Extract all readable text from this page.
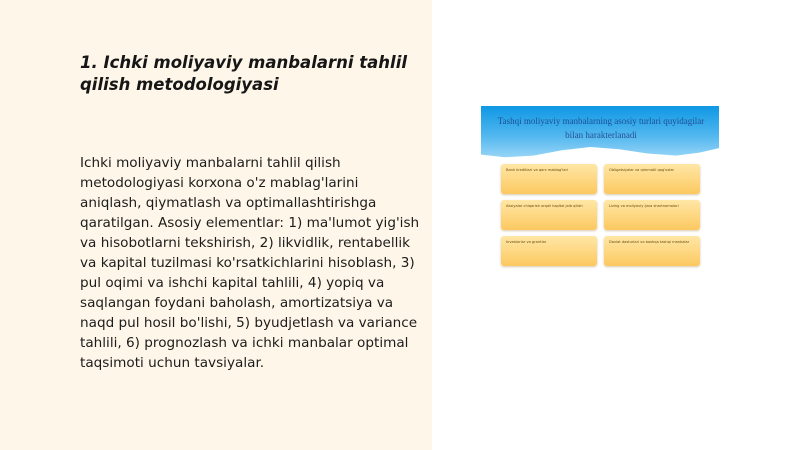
1. Ichki moliyaviy manbalarni tahlil qilish metodologiyasi

Ichki moliyaviy manbalarni tahlil qilish metodologiyasi korxona o'z mablag'larini aniqlash, qiymatlash va optimallashtirishga qaratilgan. Asosiy elementlar: 1) ma'lumot yig'ish va hisobotlarni tekshirish, 2) likvidlik, rentabellik va kapital tuzilmasi ko'rsatkichlarini hisoblash, 3) pul oqimi va ishchi kapital tahlili, 4) yopiq va saqlangan foydani baholash, amortizatsiya va naqd pul hosil bo'lishi, 5) byudjetlash va variance tahlili, 6) prognozlash va ichki manbalar optimal taqsimoti uchun tavsiyalar.

Tashqi moliyaviy manbalarning asosiy turlari quyidagilar bilan harakterlanadi
Bank kreditlari va qarz mablag'lari	Obligatsiyalar va qimmatli qog'ozlar
Aksiyalar chiqarish orqali kapital jalb qilish	Lizing va moliyaviy ijara shartnomalari
Investorlar va grantlar	Davlat dasturlari va boshqa tashqi manbalar
